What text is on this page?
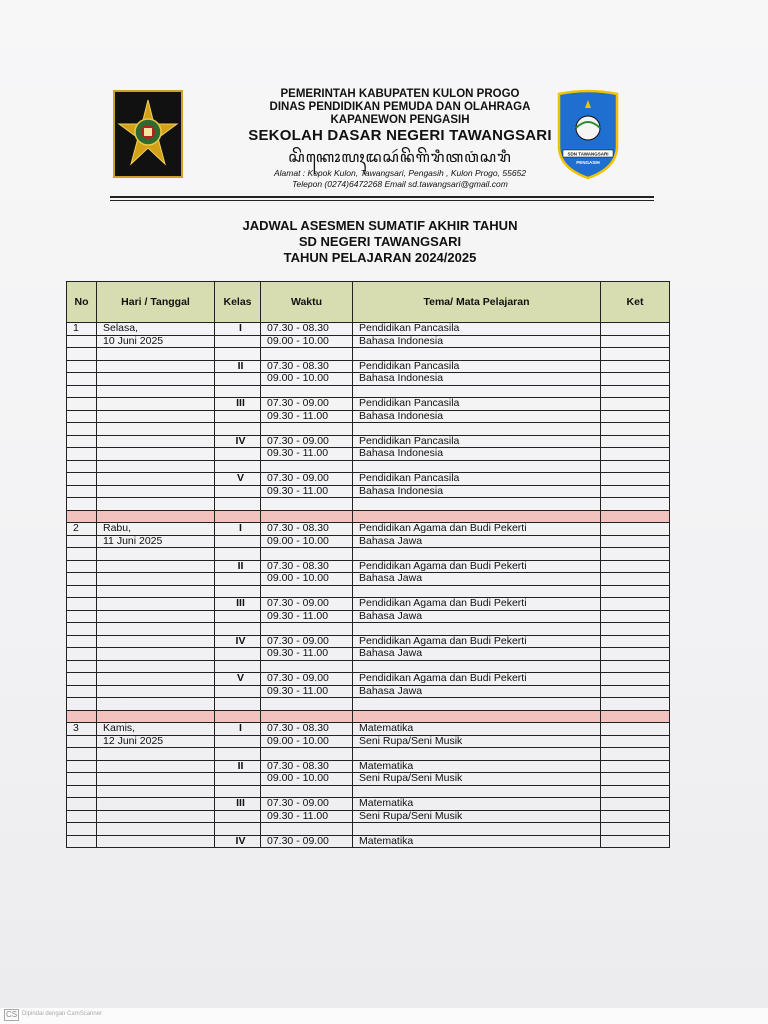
SDN TAWANGSARI
PENGASIH

PEMERINTAH KABUPATEN KULON PROGO

DINAS PENDIDIKAN PEMUDA DAN OLAHRAGA

KAPANEWON PENGASIH

SEKOLAH DASAR NEGERI TAWANGSARI

ꦱꦼꦏꦺꦴꦭꦃꦢꦱꦂꦤꦼꦒꦼꦫꦶꦠꦮꦁꦱꦫꦶ

Alamat : Kopok Kulon, Tawangsari, Pengasih , Kulon Progo, 55652

Telepon (0274)6472268 Email sd.tawangsari@gmail.com

JADWAL ASESMEN SUMATIF AKHIR TAHUN

SD NEGERI TAWANGSARI

TAHUN PELAJARAN 2024/2025

No	Hari / Tanggal	Kelas	Waktu	Tema/ Mata Pelajaran	Ket
1	Selasa,	I	07.30 - 08.30	Pendidikan Pancasila	
	10 Juni 2025		09.00 - 10.00	Bahasa Indonesia	

		II	07.30 - 08.30	Pendidikan Pancasila	
			09.00 - 10.00	Bahasa Indonesia	

		III	07.30 - 09.00	Pendidikan Pancasila	
			09.30 - 11.00	Bahasa Indonesia	

		IV	07.30 - 09.00	Pendidikan Pancasila	
			09.30 - 11.00	Bahasa Indonesia	

		V	07.30 - 09.00	Pendidikan Pancasila	
			09.30 - 11.00	Bahasa Indonesia	

2	Rabu,	I	07.30 - 08.30	Pendidikan Agama dan Budi Pekerti	
	11 Juni 2025		09.00 - 10.00	Bahasa Jawa	

		II	07.30 - 08.30	Pendidikan Agama dan Budi Pekerti	
			09.00 - 10.00	Bahasa Jawa	

		III	07.30 - 09.00	Pendidikan Agama dan Budi Pekerti	
			09.30 - 11.00	Bahasa Jawa	

		IV	07.30 - 09.00	Pendidikan Agama dan Budi Pekerti	
			09.30 - 11.00	Bahasa Jawa	

		V	07.30 - 09.00	Pendidikan Agama dan Budi Pekerti	
			09.30 - 11.00	Bahasa Jawa	

3	Kamis,	I	07.30 - 08.30	Matematika	
	12 Juni 2025		09.00 - 10.00	Seni Rupa/Seni Musik	

		II	07.30 - 08.30	Matematika	
			09.00 - 10.00	Seni Rupa/Seni Musik	

		III	07.30 - 09.00	Matematika	
			09.30 - 11.00	Seni Rupa/Seni Musik	

		IV	07.30 - 09.00	Matematika	
CS Dipindai dengan CamScanner
